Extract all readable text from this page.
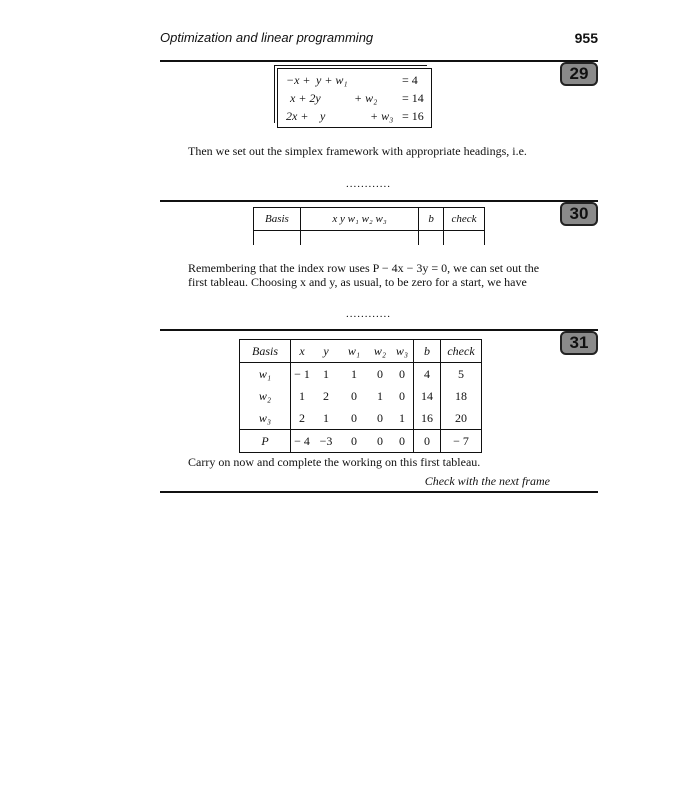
Optimization and linear programming	955
29
−x + y + w₁	= 4
x + 2y	+ w₂ = 14
2x + y	+ w₃ = 16
Then we set out the simplex framework with appropriate headings, i.e.
............
30
Basis	x y w₁ w₂ w₃	b	check

Remembering that the index row uses P − 4x − 3y = 0, we can set out the first tableau. Choosing x and y, as usual, to be zero for a start, we have
............
31
Basis	x	y	w₁	w₂	w₃	b	check
w₁	− 1	1	1	0	0	4	5
w₂	1	2	0	1	0	14	18
w₃	2	1	0	0	1	16	20
P	− 4	−3	0	0	0	0	− 7
Carry on now and complete the working on this first tableau.
Check with the next frame
